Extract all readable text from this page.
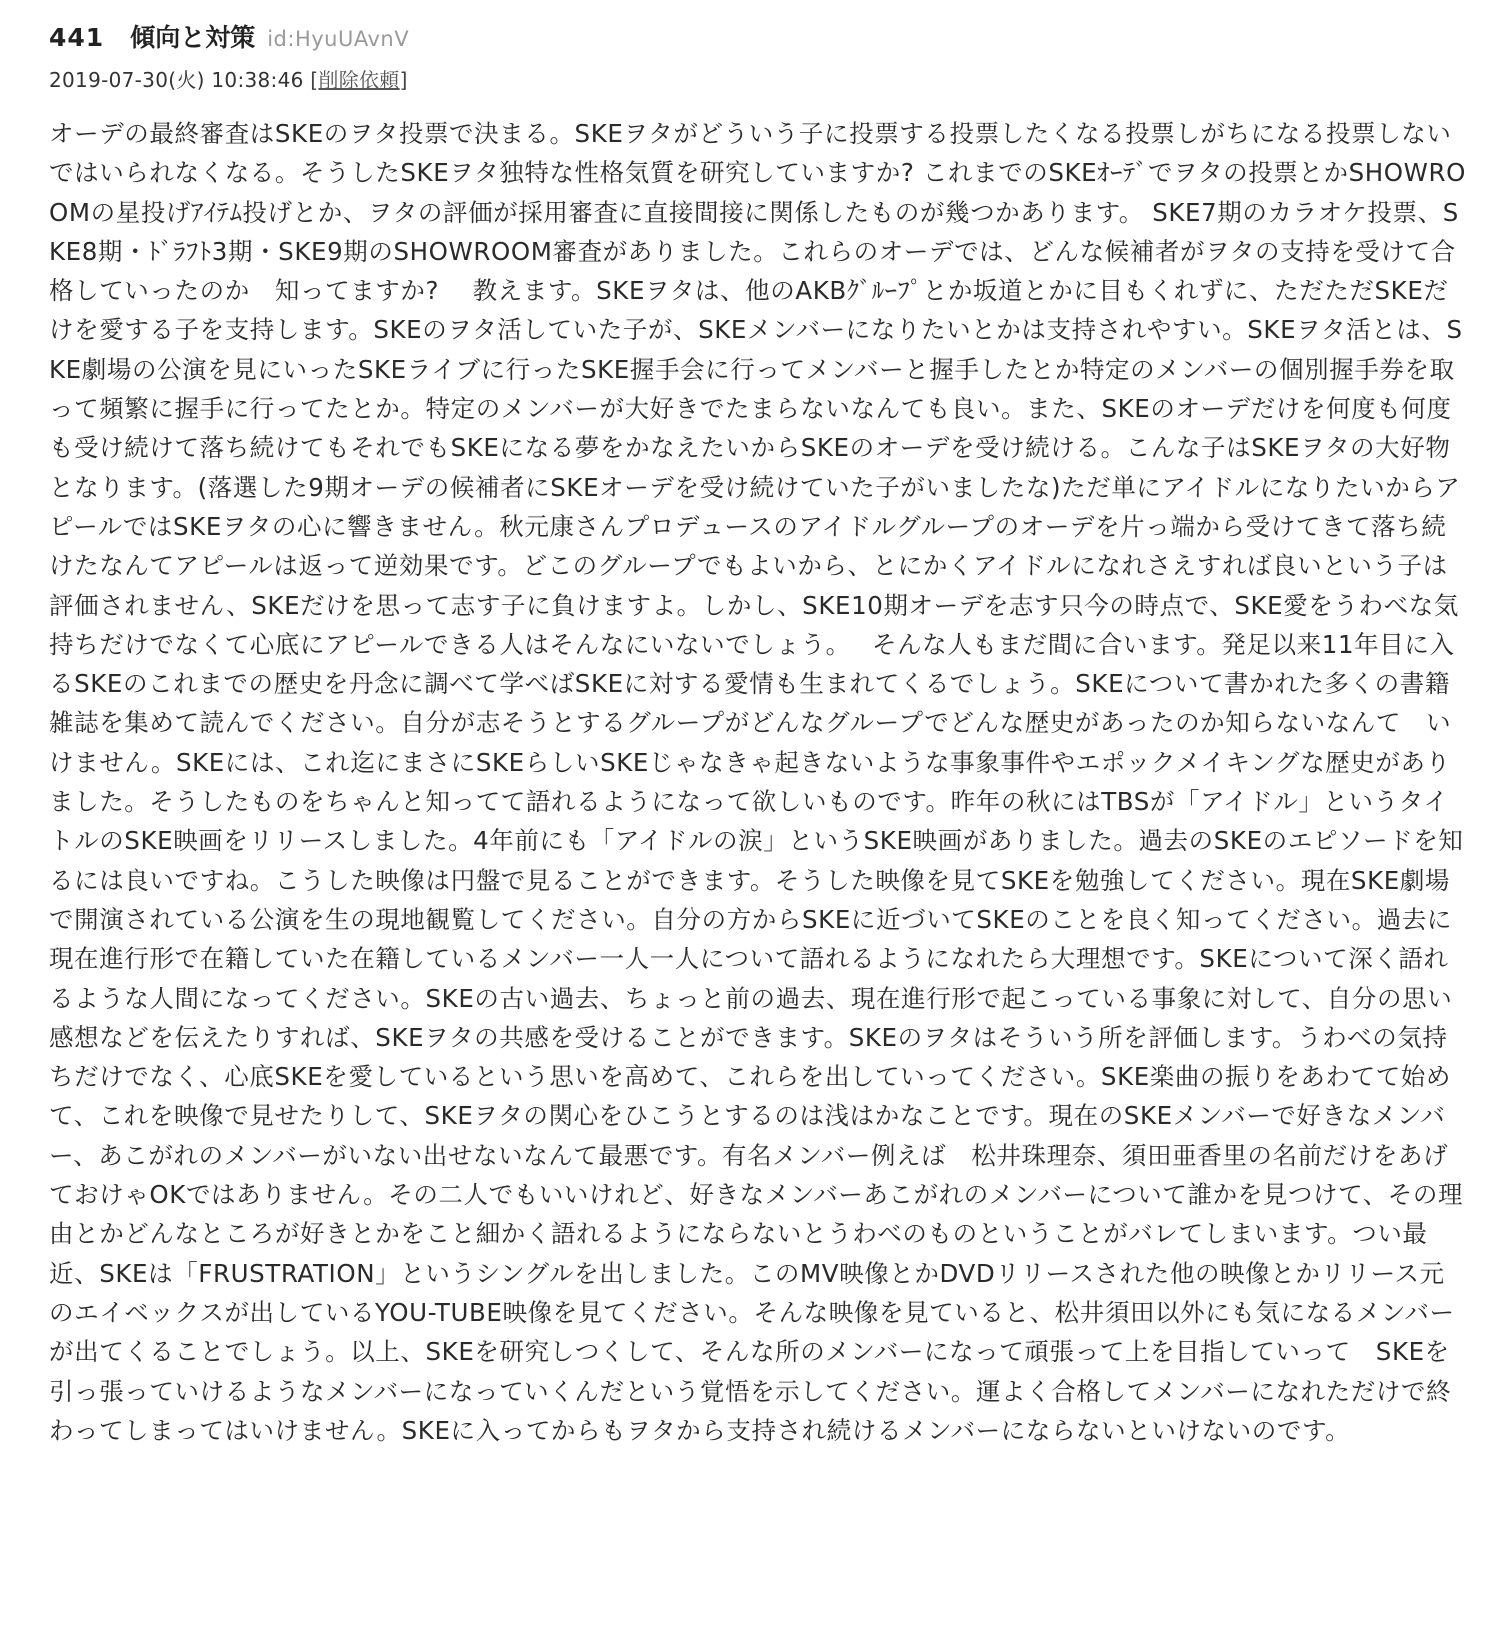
441 傾向と対策 id:HyuUAvnV
2019-07-30(火) 10:38:46 [削除依頼]
オーデの最終審査はSKEのヲタ投票で決まる。SKEヲタがどういう子に投票する投票したくなる投票しがちになる投票しないではいられなくなる。そうしたSKEヲタ独特な性格気質を研究していますか? これまでのSKEｵｰﾃﾞでヲタの投票とかSHOWROOMの星投げｱｲﾃﾑ投げとか、ヲタの評価が採用審査に直接間接に関係したものが幾つかあります。 SKE7期のカラオケ投票、SKE8期・ﾄﾞﾗﾌﾄ3期・SKE9期のSHOWROOM審査がありました。これらのオーデでは、どんな候補者がヲタの支持を受けて合格していったのか　知ってますか?　 教えます。SKEヲタは、他のAKBｸﾞﾙｰﾌﾟとか坂道とかに目もくれずに、ただただSKEだけを愛する子を支持します。SKEのヲタ活していた子が、SKEメンバーになりたいとかは支持されやすい。SKEヲタ活とは、SKE劇場の公演を見にいったSKEライブに行ったSKE握手会に行ってメンバーと握手したとか特定のメンバーの個別握手券を取って頻繁に握手に行ってたとか。特定のメンバーが大好きでたまらないなんても良い。また、SKEのオーデだけを何度も何度も受け続けて落ち続けてもそれでもSKEになる夢をかなえたいからSKEのオーデを受け続ける。こんな子はSKEヲタの大好物となります。(落選した9期オーデの候補者にSKEオーデを受け続けていた子がいましたな)ただ単にアイドルになりたいからアピールではSKEヲタの心に響きません。秋元康さんプロデュースのアイドルグループのオーデを片っ端から受けてきて落ち続けたなんてアピールは返って逆効果です。どこのグループでもよいから、とにかくアイドルになれさえすれば良いという子は評価されません、SKEだけを思って志す子に負けますよ。しかし、SKE10期オーデを志す只今の時点で、SKE愛をうわべな気持ちだけでなくて心底にアピールできる人はそんなにいないでしょう。　 そんな人もまだ間に合います。発足以来11年目に入るSKEのこれまでの歴史を丹念に調べて学べばSKEに対する愛情も生まれてくるでしょう。SKEについて書かれた多くの書籍雑誌を集めて読んでください。自分が志そうとするグループがどんなグループでどんな歴史があったのか知らないなんて　いけません。SKEには、これ迄にまさにSKEらしいSKEじゃなきゃ起きないような事象事件やエポックメイキングな歴史がありました。そうしたものをちゃんと知ってて語れるようになって欲しいものです。昨年の秋にはTBSが「アイドル」というタイトルのSKE映画をリリースしました。4年前にも「アイドルの涙」というSKE映画がありました。過去のSKEのエピソードを知るには良いですね。こうした映像は円盤で見ることができます。そうした映像を見てSKEを勉強してください。現在SKE劇場で開演されている公演を生の現地観覧してください。自分の方からSKEに近づいてSKEのことを良く知ってください。過去に現在進行形で在籍していた在籍しているメンバー一人一人について語れるようになれたら大理想です。SKEについて深く語れるような人間になってください。SKEの古い過去、ちょっと前の過去、現在進行形で起こっている事象に対して、自分の思い感想などを伝えたりすれば、SKEヲタの共感を受けることができます。SKEのヲタはそういう所を評価します。うわべの気持ちだけでなく、心底SKEを愛しているという思いを高めて、これらを出していってください。SKE楽曲の振りをあわてて始めて、これを映像で見せたりして、SKEヲタの関心をひこうとするのは浅はかなことです。現在のSKEメンバーで好きなメンバー、あこがれのメンバーがいない出せないなんて最悪です。有名メンバー例えば　松井珠理奈、須田亜香里の名前だけをあげておけゃOKではありません。その二人でもいいけれど、好きなメンバーあこがれのメンバーについて誰かを見つけて、その理由とかどんなところが好きとかをこと細かく語れるようにならないとうわべのものということがバレてしまいます。つい最近、SKEは「FRUSTRATION」というシングルを出しました。このMV映像とかDVDリリースされた他の映像とかリリース元のエイベックスが出しているYOU-TUBE映像を見てください。そんな映像を見ていると、松井須田以外にも気になるメンバーが出てくることでしょう。以上、SKEを研究しつくして、そんな所のメンバーになって頑張って上を目指していって　SKEを引っ張っていけるようなメンバーになっていくんだという覚悟を示してください。運よく合格してメンバーになれただけで終わってしまってはいけません。SKEに入ってからもヲタから支持され続けるメンバーにならないといけないのです。
